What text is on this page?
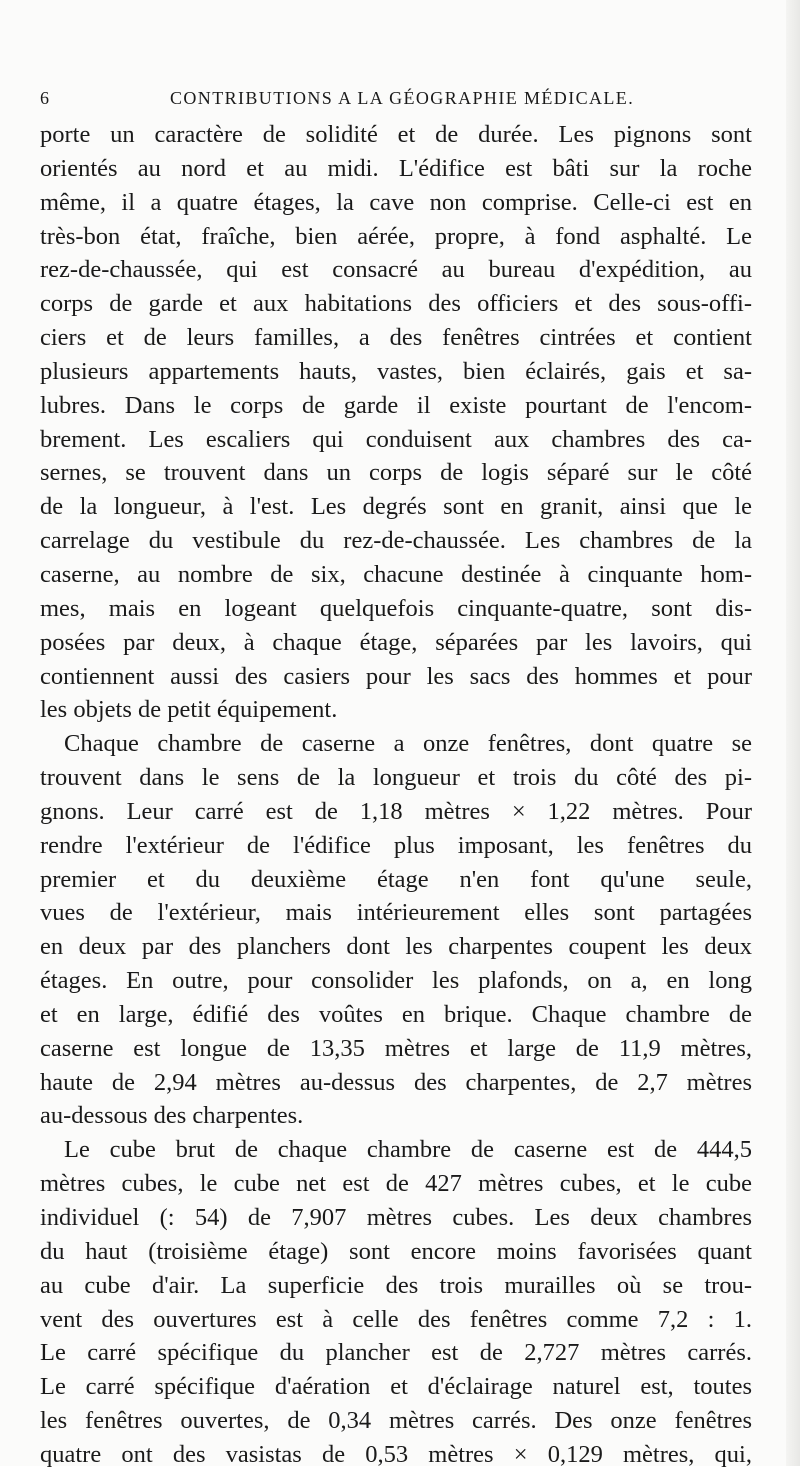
6	CONTRIBUTIONS A LA GÉOGRAPHIE MÉDICALE.
porte un caractère de solidité et de durée. Les pignons sont
orientés au nord et au midi. L'édifice est bâti sur la roche
même, il a quatre étages, la cave non comprise. Celle-ci est en
très-bon état, fraîche, bien aérée, propre, à fond asphalté. Le
rez-de-chaussée, qui est consacré au bureau d'expédition, au
corps de garde et aux habitations des officiers et des sous-offi-
ciers et de leurs familles, a des fenêtres cintrées et contient
plusieurs appartements hauts, vastes, bien éclairés, gais et sa-
lubres. Dans le corps de garde il existe pourtant de l'encom-
brement. Les escaliers qui conduisent aux chambres des ca-
sernes, se trouvent dans un corps de logis séparé sur le côté
de la longueur, à l'est. Les degrés sont en granit, ainsi que le
carrelage du vestibule du rez-de-chaussée. Les chambres de la
caserne, au nombre de six, chacune destinée à cinquante hom-
mes, mais en logeant quelquefois cinquante-quatre, sont dis-
posées par deux, à chaque étage, séparées par les lavoirs, qui
contiennent aussi des casiers pour les sacs des hommes et pour
les objets de petit équipement.
Chaque chambre de caserne a onze fenêtres, dont quatre se
trouvent dans le sens de la longueur et trois du côté des pi-
gnons. Leur carré est de 1,18 mètres × 1,22 mètres. Pour
rendre l'extérieur de l'édifice plus imposant, les fenêtres du
premier et du deuxième étage n'en font qu'une seule,
vues de l'extérieur, mais intérieurement elles sont partagées
en deux par des planchers dont les charpentes coupent les deux
étages. En outre, pour consolider les plafonds, on a, en long
et en large, édifié des voûtes en brique. Chaque chambre de
caserne est longue de 13,35 mètres et large de 11,9 mètres,
haute de 2,94 mètres au-dessus des charpentes, de 2,7 mètres
au-dessous des charpentes.
Le cube brut de chaque chambre de caserne est de 444,5
mètres cubes, le cube net est de 427 mètres cubes, et le cube
individuel (: 54) de 7,907 mètres cubes. Les deux chambres
du haut (troisième étage) sont encore moins favorisées quant
au cube d'air. La superficie des trois murailles où se trou-
vent des ouvertures est à celle des fenêtres comme 7,2 : 1.
Le carré spécifique du plancher est de 2,727 mètres carrés.
Le carré spécifique d'aération et d'éclairage naturel est, toutes
les fenêtres ouvertes, de 0,34 mètres carrés. Des onze fenêtres
quatre ont des vasistas de 0,53 mètres × 0,129 mètres, qui,
